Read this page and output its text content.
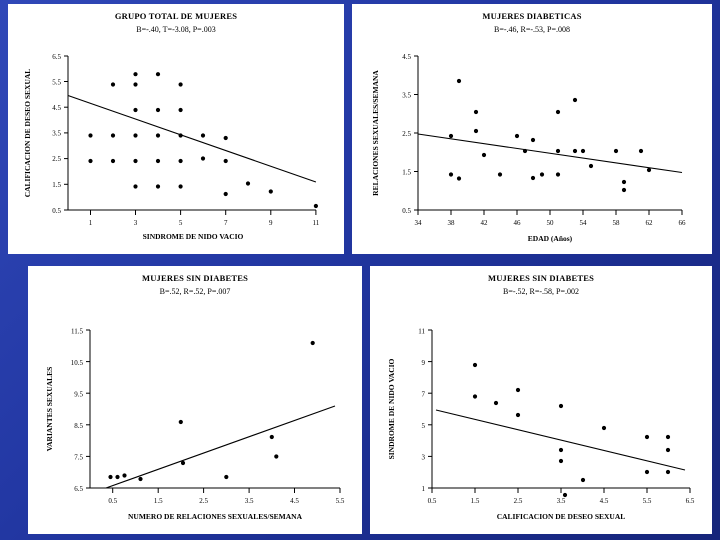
GRUPO TOTAL DE MUJERES
B=-.40, T=-3.08, P=.003
0.5
1.5
2.5
3.5
4.5
5.5
6.5
1	3	5	7	9	11
SINDROME DE NIDO VACIO
CALIFICACION DE DESEO SEXUAL
MUJERES DIABETICAS
B=-.46, R=-.53, P=.008
0.5
1.5
2.5
3.5
4.5
34	38	42	46	50	54	58	62	66
EDAD (Años)
RELACIONES SEXUALES/SEMANA
MUJERES SIN DIABETES
B=.52, R=.52, P=.007
6.5
7.5
8.5
9.5
10.5
11.5
0.5	1.5	2.5	3.5	4.5	5.5
NUMERO DE RELACIONES SEXUALES/SEMANA
VARIANTES SEXUALES
MUJERES SIN DIABETES
B=-.52, R=-.58, P=.002
1
3
5
7
9
11
0.5	1.5	2.5	3.5	4.5	5.5	6.5
CALIFICACION DE DESEO SEXUAL
SINDROME DE NIDO VACIO
